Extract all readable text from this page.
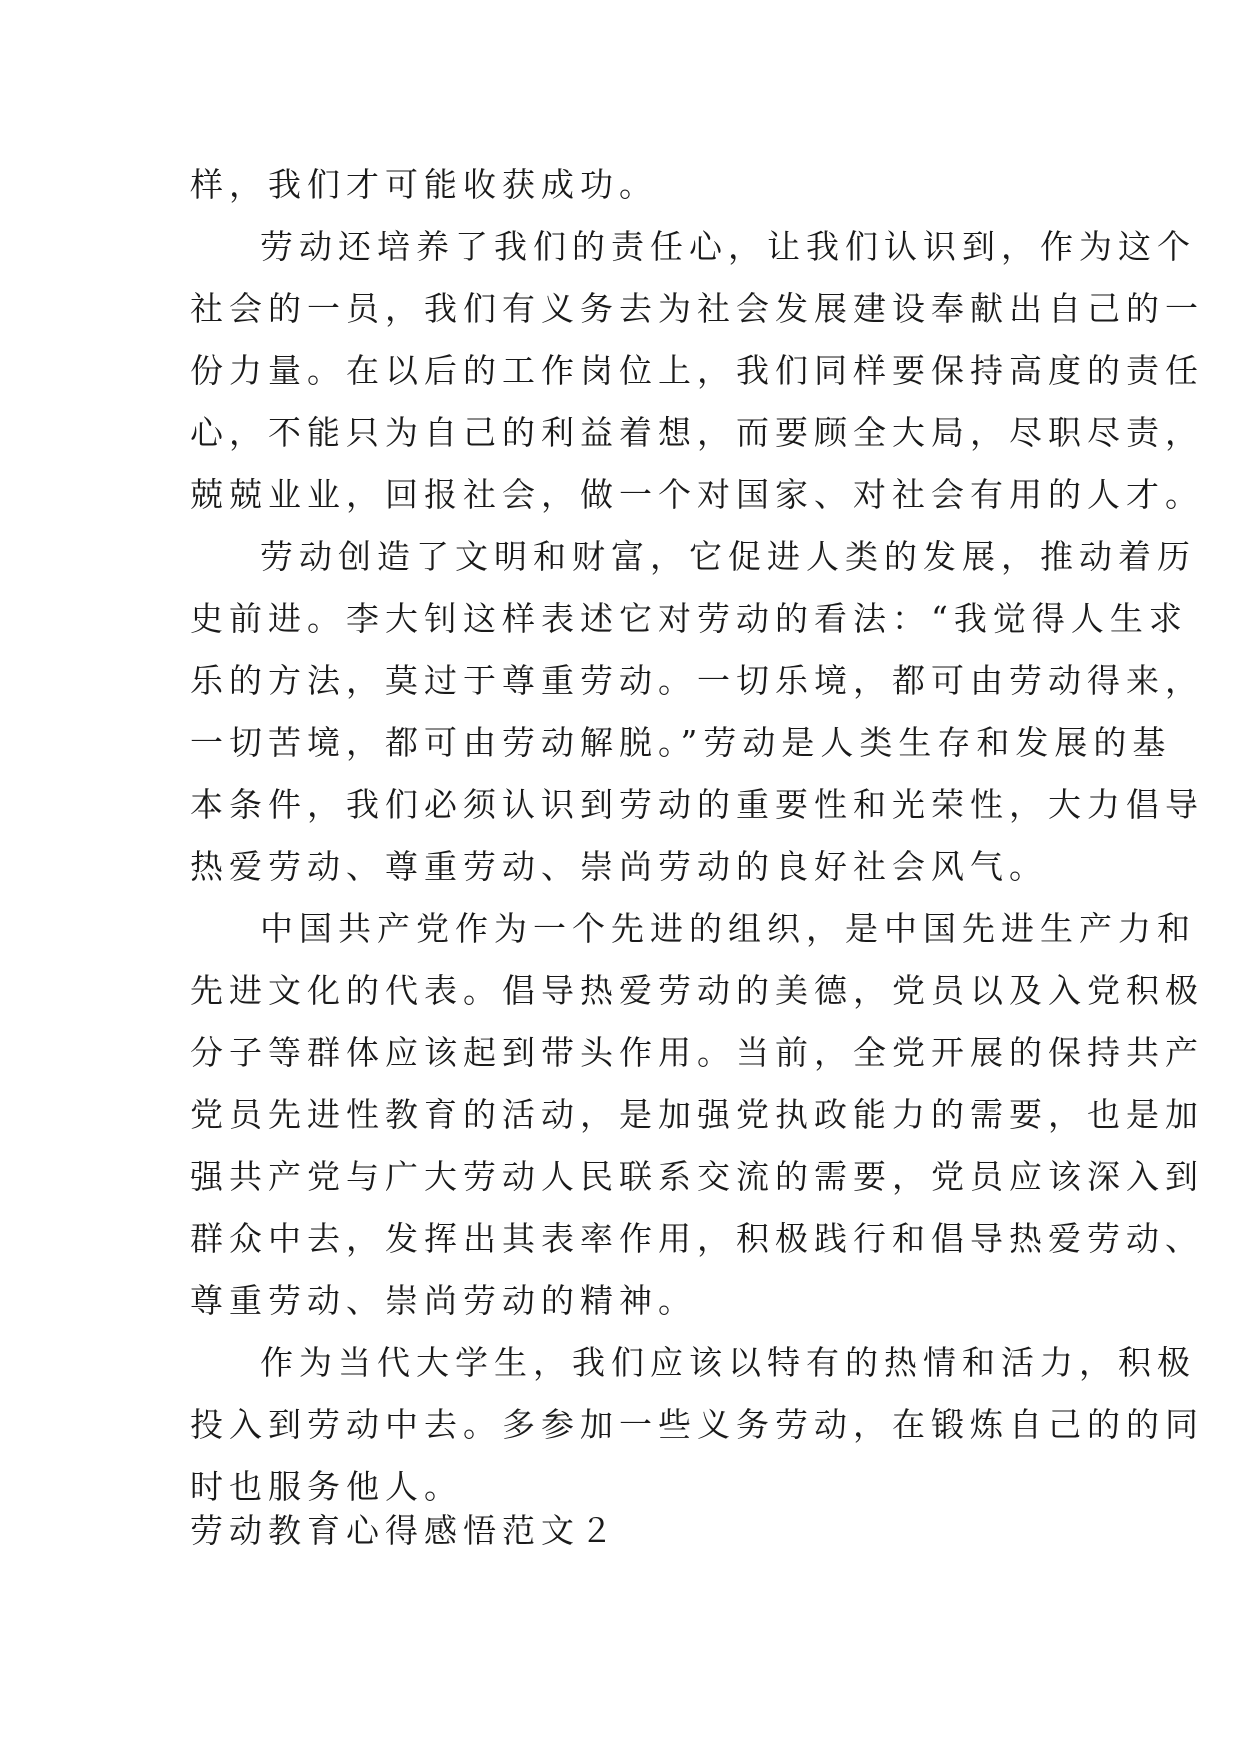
样，我们才可能收获成功。
劳动还培养了我们的责任心，让我们认识到，作为这个
社会的一员，我们有义务去为社会发展建设奉献出自己的一
份力量。在以后的工作岗位上，我们同样要保持高度的责任
心，不能只为自己的利益着想，而要顾全大局，尽职尽责，
兢兢业业，回报社会，做一个对国家、对社会有用的人才。
劳动创造了文明和财富，它促进人类的发展，推动着历
史前进。李大钊这样表述它对劳动的看法：“我觉得人生求
乐的方法，莫过于尊重劳动。一切乐境，都可由劳动得来，
一切苦境，都可由劳动解脱。”劳动是人类生存和发展的基
本条件，我们必须认识到劳动的重要性和光荣性，大力倡导
热爱劳动、尊重劳动、崇尚劳动的良好社会风气。
中国共产党作为一个先进的组织，是中国先进生产力和
先进文化的代表。倡导热爱劳动的美德，党员以及入党积极
分子等群体应该起到带头作用。当前，全党开展的保持共产
党员先进性教育的活动，是加强党执政能力的需要，也是加
强共产党与广大劳动人民联系交流的需要，党员应该深入到
群众中去，发挥出其表率作用，积极践行和倡导热爱劳动、
尊重劳动、崇尚劳动的精神。
作为当代大学生，我们应该以特有的热情和活力，积极
投入到劳动中去。多参加一些义务劳动，在锻炼自己的的同
时也服务他人。
劳动教育心得感悟范文２
